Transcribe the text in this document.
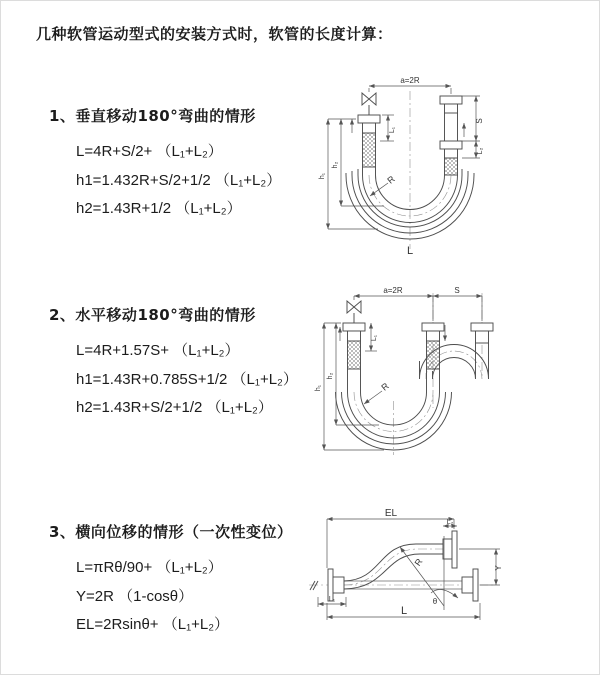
几种软管运动型式的安装方式时，软管的长度计算：
1、垂直移动180°弯曲的情形
L=4R+S/2+ （L₁+L₂）
h1=1.432R+S/2+1/2 （L₁+L₂）
h2=1.43R+1/2 （L₁+L₂）
2、水平移动180°弯曲的情形
L=4R+1.57S+ （L₁+L₂）
h1=1.43R+0.785S+1/2 （L₁+L₂）
h2=1.43R+S/2+1/2 （L₁+L₂）
3、横向位移的情形（一次性变位）
L=πRθ/90+ （L₁+L₂）
Y=2R （1-cosθ）
EL=2Rsinθ+ （L₁+L₂）
a=2R
S
L₂
h₁
h₂
L₁
R
L
a=2R	S
h₁
h₂
L₁
R
EL
L₂
Y
R
θ
L
L₁
